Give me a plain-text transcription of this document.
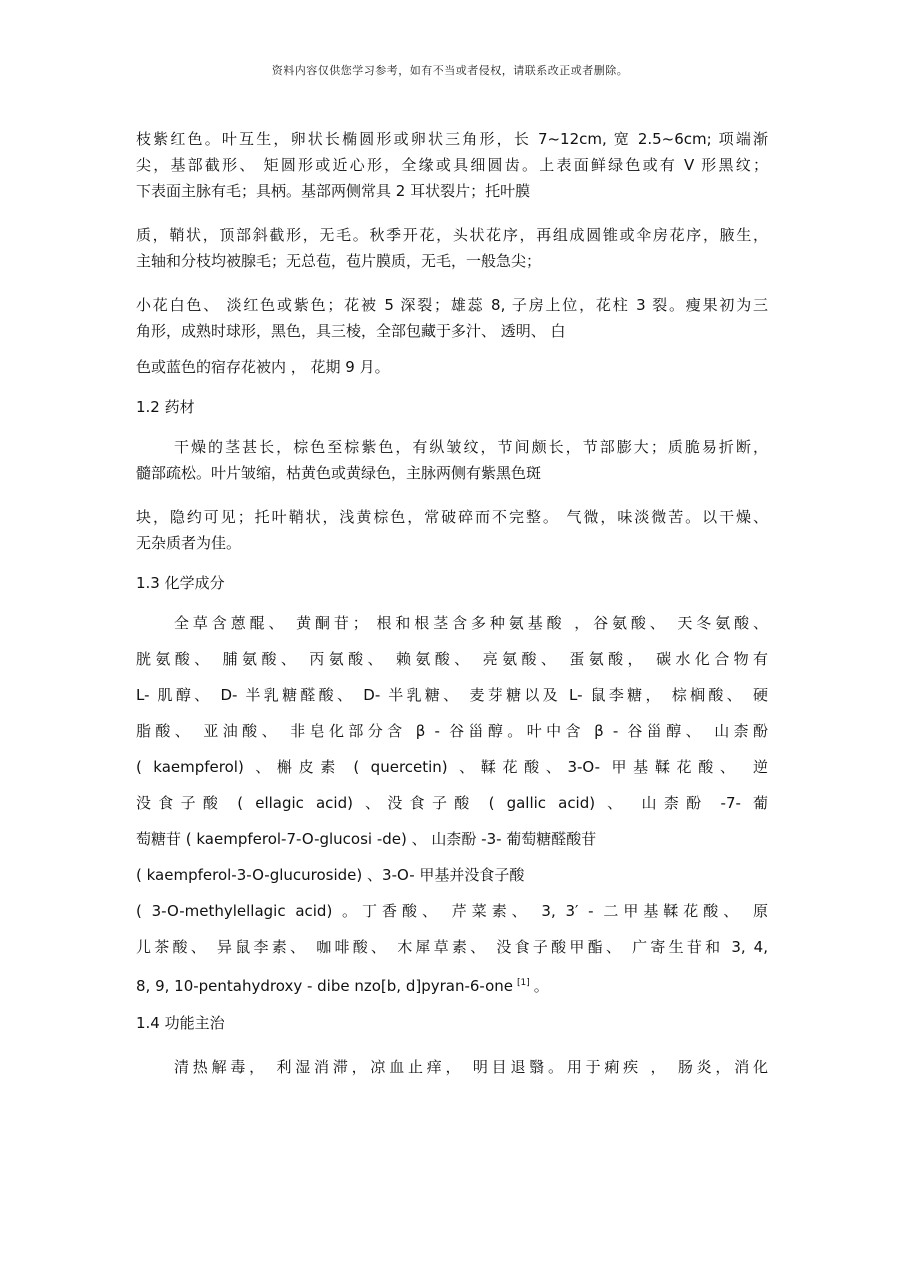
资料内容仅供您学习参考，如有不当或者侵权，请联系改正或者删除。
枝紫红色。叶互生，卵状长椭圆形或卵状三角形，长 7~12cm, 宽 2.5~6cm; 项端渐
尖，基部截形、 矩圆形或近心形，全缘或具细圆齿。上表面鲜绿色或有 V 形黑纹；
下表面主脉有毛；具柄。基部两侧常具 2 耳状裂片；托叶膜
质，鞘状，顶部斜截形，无毛。秋季开花，头状花序，再组成圆锥或伞房花序，腋生，
主轴和分枝均被腺毛；无总苞，苞片膜质，无毛，一般急尖；
小花白色、 淡红色或紫色；花被 5 深裂；雄蕊 8, 子房上位，花柱 3 裂。瘦果初为三
角形，成熟时球形，黑色，具三棱，全部包藏于多汁、 透明、 白
色或蓝色的宿存花被内 ， 花期 9 月。
1.2 药材
干燥的茎甚长，棕色至棕紫色，有纵皱纹，节间颇长，节部膨大；质脆易折断，
髓部疏松。叶片皱缩，枯黄色或黄绿色，主脉两侧有紫黑色斑
块，隐约可见；托叶鞘状，浅黄棕色，常破碎而不完整。 气微，味淡微苦。以干燥、
无杂质者为佳。
1.3 化学成分
全草含蒽醌、 黄酮苷； 根和根茎含多种氨基酸 ，谷氨酸、 天冬氨酸、
胱氨酸、 脯氨酸、 丙氨酸、 赖氨酸、 亮氨酸、 蛋氨酸， 碳水化合物有
L- 肌醇、 D- 半乳糖醛酸、 D- 半乳糖、 麦芽糖以及 L- 鼠李糖， 棕榈酸、 硬
脂酸、 亚油酸、 非皂化部分含 β - 谷甾醇。叶中含 β - 谷甾醇、 山柰酚
( kaempferol) 、槲皮素 ( quercetin) 、鞣花酸、3-O- 甲基鞣花酸、 逆
没食子酸 ( ellagic acid) 、没食子酸 ( gallic acid) 、 山柰酚 -7- 葡
萄糖苷 ( kaempferol-7-O-glucosi -de) 、 山柰酚 -3- 葡萄糖醛酸苷
( kaempferol-3-O-glucuroside) 、3-O- 甲基并没食子酸
( 3-O-methylellagic acid) 。丁香酸、 芹菜素、 3, 3′ - 二甲基鞣花酸、 原
儿茶酸、 异鼠李素、 咖啡酸、 木犀草素、 没食子酸甲酯、 广寄生苷和 3, 4,
8, 9, 10-pentahydroxy - dibe nzo[b, d]pyran-6-one [1] 。
1.4 功能主治
清热解毒， 利湿消滞，凉血止痒， 明目退翳。用于痢疾 ， 肠炎，消化
